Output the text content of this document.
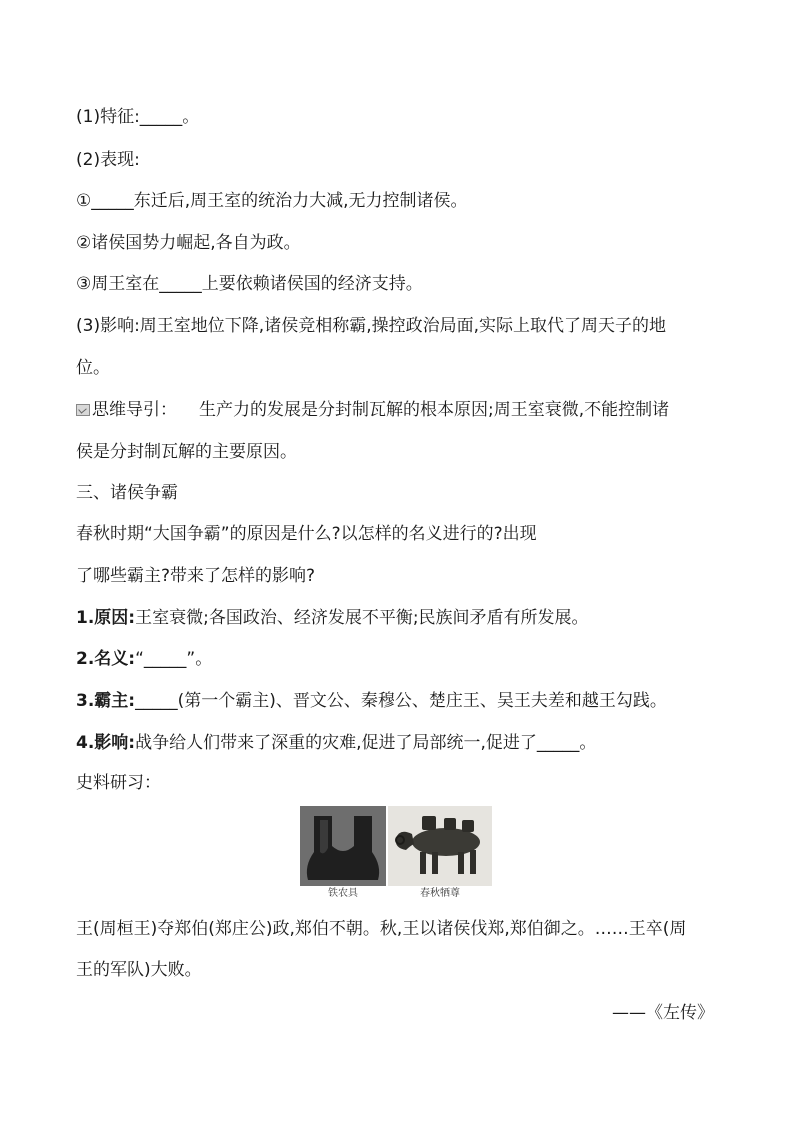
(1)特征:_____。
(2)表现:
①_____东迁后,周王室的统治力大减,无力控制诸侯。
②诸侯国势力崛起,各自为政。
③周王室在_____上要依赖诸侯国的经济支持。
(3)影响:周王室地位下降,诸侯竞相称霸,操控政治局面,实际上取代了周天子的地
位。
思维导引： 生产力的发展是分封制瓦解的根本原因;周王室衰微,不能控制诸
侯是分封制瓦解的主要原因。
三、诸侯争霸
春秋时期“大国争霸”的原因是什么?以怎样的名义进行的?出现
了哪些霸主?带来了怎样的影响?
1.原因:王室衰微;各国政治、经济发展不平衡;民族间矛盾有所发展。
2.名义:“_____”。
3.霸主:_____(第一个霸主)、晋文公、秦穆公、楚庄王、吴王夫差和越王勾践。
4.影响:战争给人们带来了深重的灾难,促进了局部统一,促进了_____。
史料研习：
铁农具	春秋牺尊
王(周桓王)夺郑伯(郑庄公)政,郑伯不朝。秋,王以诸侯伐郑,郑伯御之。……王卒(周
王的军队)大败。
——《左传》
